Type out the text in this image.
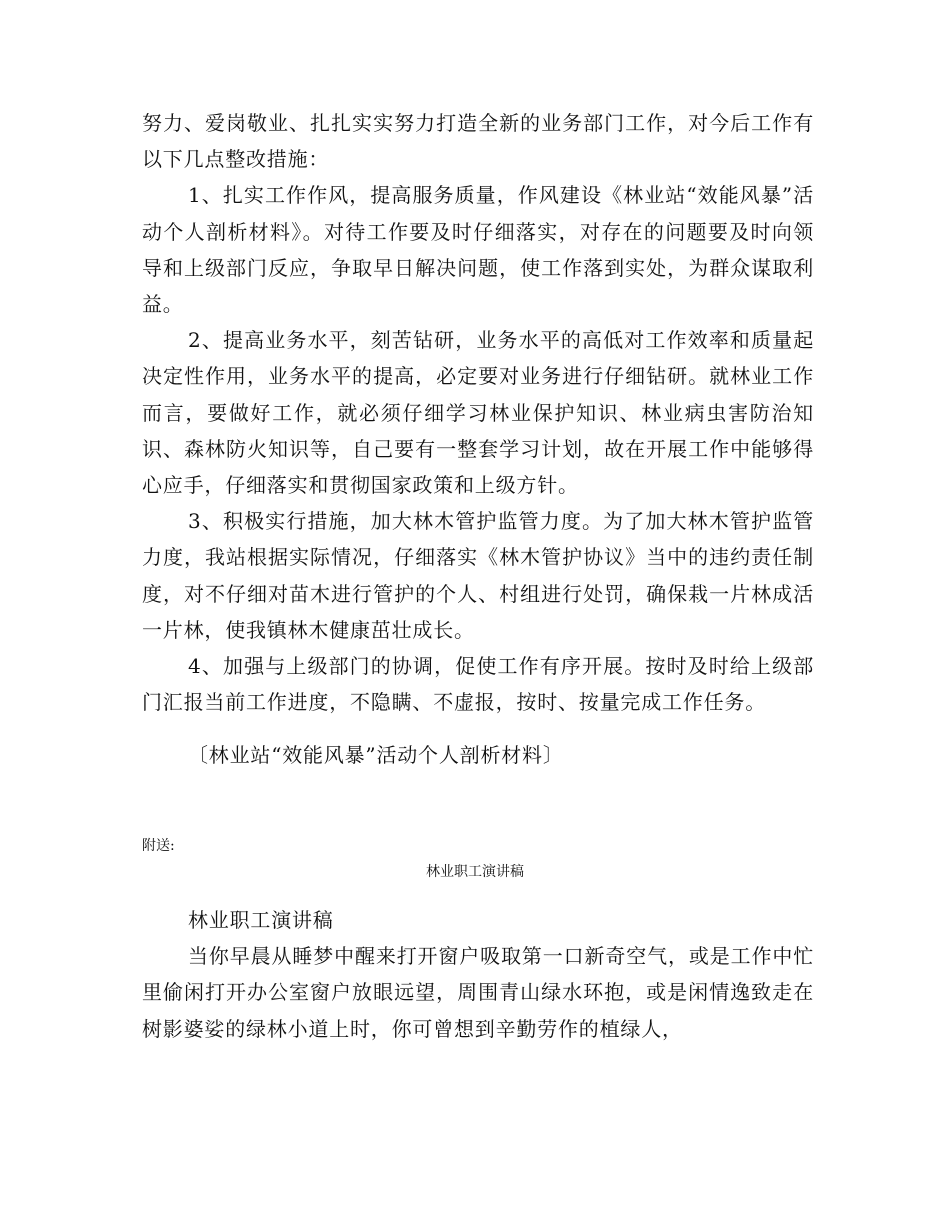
努力、爱岗敬业、扎扎实实努力打造全新的业务部门工作，对今后工作有以下几点整改措施：

1、扎实工作作风，提高服务质量，作风建设《林业站“效能风暴”活动个人剖析材料》。对待工作要及时仔细落实，对存在的问题要及时向领导和上级部门反应，争取早日解决问题，使工作落到实处，为群众谋取利益。

2、提高业务水平，刻苦钻研，业务水平的高低对工作效率和质量起决定性作用，业务水平的提高，必定要对业务进行仔细钻研。就林业工作而言，要做好工作，就必须仔细学习林业保护知识、林业病虫害防治知识、森林防火知识等，自己要有一整套学习计划，故在开展工作中能够得心应手，仔细落实和贯彻国家政策和上级方针。

3、积极实行措施，加大林木管护监管力度。为了加大林木管护监管力度，我站根据实际情况，仔细落实《林木管护协议》当中的违约责任制度，对不仔细对苗木进行管护的个人、村组进行处罚，确保栽一片林成活一片林，使我镇林木健康茁壮成长。

4、加强与上级部门的协调，促使工作有序开展。按时及时给上级部门汇报当前工作进度，不隐瞒、不虚报，按时、按量完成工作任务。

〔林业站“效能风暴”活动个人剖析材料〕
附送:
林业职工演讲稿

林业职工演讲稿

当你早晨从睡梦中醒来打开窗户吸取第一口新奇空气，或是工作中忙里偷闲打开办公室窗户放眼远望，周围青山绿水环抱，或是闲情逸致走在树影婆娑的绿林小道上时，你可曾想到辛勤劳作的植绿人，
